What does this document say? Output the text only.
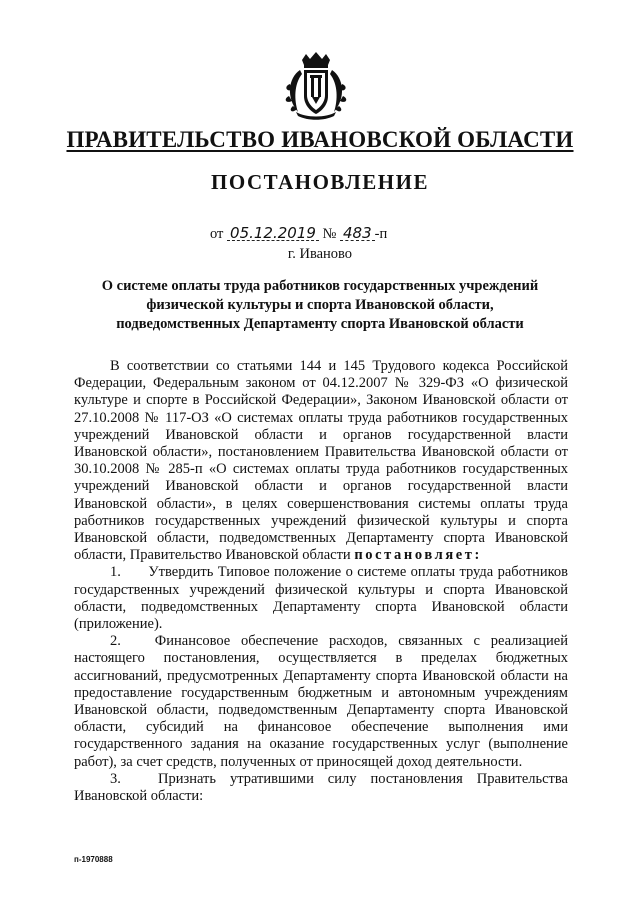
ПРАВИТЕЛЬСТВО ИВАНОВСКОЙ ОБЛАСТИ
ПОСТАНОВЛЕНИЕ
от 05.12.2019 № 483 -п
г. Иваново
О системе оплаты труда работников государственных учреждений
физической культуры и спорта Ивановской области,
подведомственных Департаменту спорта Ивановской области

В соответствии со статьями 144 и 145 Трудового кодекса Российской Федерации, Федеральным законом от 04.12.2007 № 329-ФЗ «О физической культуре и спорте в Российской Федерации», Законом Ивановской области от 27.10.2008 № 117-ОЗ «О системах оплаты труда работников государственных учреждений Ивановской области и органов государственной власти Ивановской области», постановлением Правительства Ивановской области от 30.10.2008 № 285-п «О системах оплаты труда работников государственных учреждений Ивановской области и органов государственной власти Ивановской области», в целях совершенствования системы оплаты труда работников государственных учреждений физической культуры и спорта Ивановской области, подведомственных Департаменту спорта Ивановской области, Правительство Ивановской области постановляет:

1. Утвердить Типовое положение о системе оплаты труда работников государственных учреждений физической культуры и спорта Ивановской области, подведомственных Департаменту спорта Ивановской области (приложение).

2. Финансовое обеспечение расходов, связанных с реализацией настоящего постановления, осуществляется в пределах бюджетных ассигнований, предусмотренных Департаменту спорта Ивановской области на предоставление государственным бюджетным и автономным учреждениям Ивановской области, подведомственным Департаменту спорта Ивановской области, субсидий на финансовое обеспечение выполнения ими государственного задания на оказание государственных услуг (выполнение работ), за счет средств, полученных от приносящей доход деятельности.

3.	Признать утратившими силу постановления Правительства Ивановской области:

п-1970888
